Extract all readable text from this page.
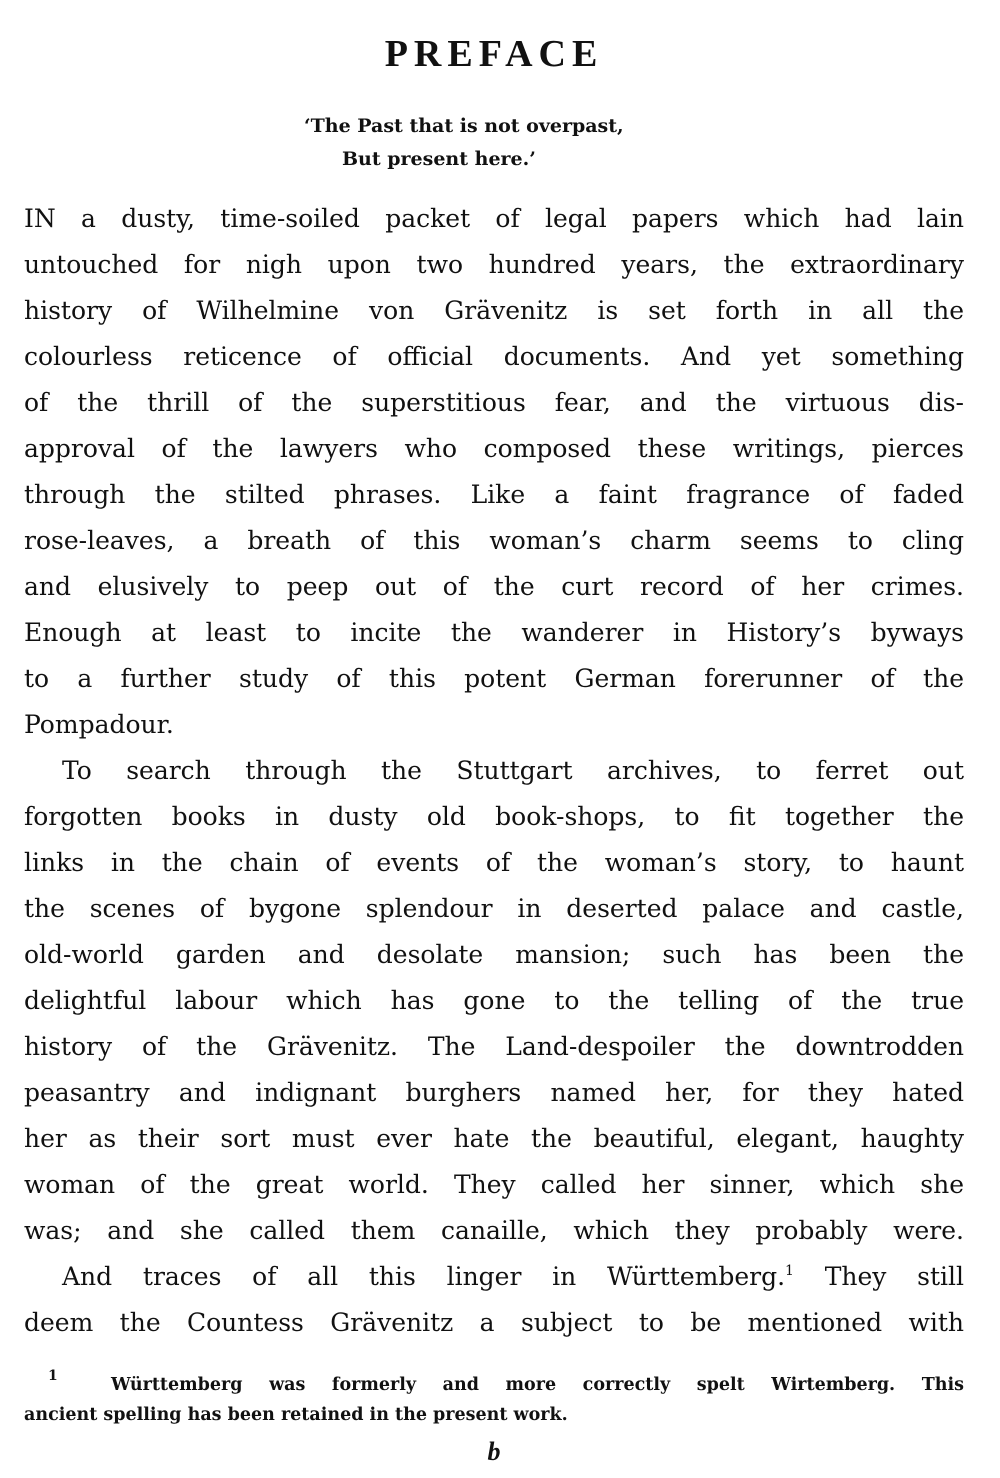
PREFACE
‘The Past that is not overpast,
But present here.’
IN a dusty, time-soiled packet of legal papers which had lain
untouched for nigh upon two hundred years, the extraordinary
history of Wilhelmine von Grävenitz is set forth in all the
colourless reticence of official documents. And yet something
of the thrill of the superstitious fear, and the virtuous dis-
approval of the lawyers who composed these writings, pierces
through the stilted phrases. Like a faint fragrance of faded
rose-leaves, a breath of this woman’s charm seems to cling
and elusively to peep out of the curt record of her crimes.
Enough at least to incite the wanderer in History’s byways
to a further study of this potent German forerunner of the
Pompadour.
To search through the Stuttgart archives, to ferret out
forgotten books in dusty old book-shops, to fit together the
links in the chain of events of the woman’s story, to haunt
the scenes of bygone splendour in deserted palace and castle,
old-world garden and desolate mansion; such has been the
delightful labour which has gone to the telling of the true
history of the Grävenitz. The Land-despoiler the downtrodden
peasantry and indignant burghers named her, for they hated
her as their sort must ever hate the beautiful, elegant, haughty
woman of the great world. They called her sinner, which she
was; and she called them canaille, which they probably were.
And traces of all this linger in Württemberg.$^1$ They still
deem the Countess Grävenitz a subject to be mentioned with
$^1$	Württemberg was formerly and more correctly spelt Wirtemberg. This
ancient spelling has been retained in the present work.
b
